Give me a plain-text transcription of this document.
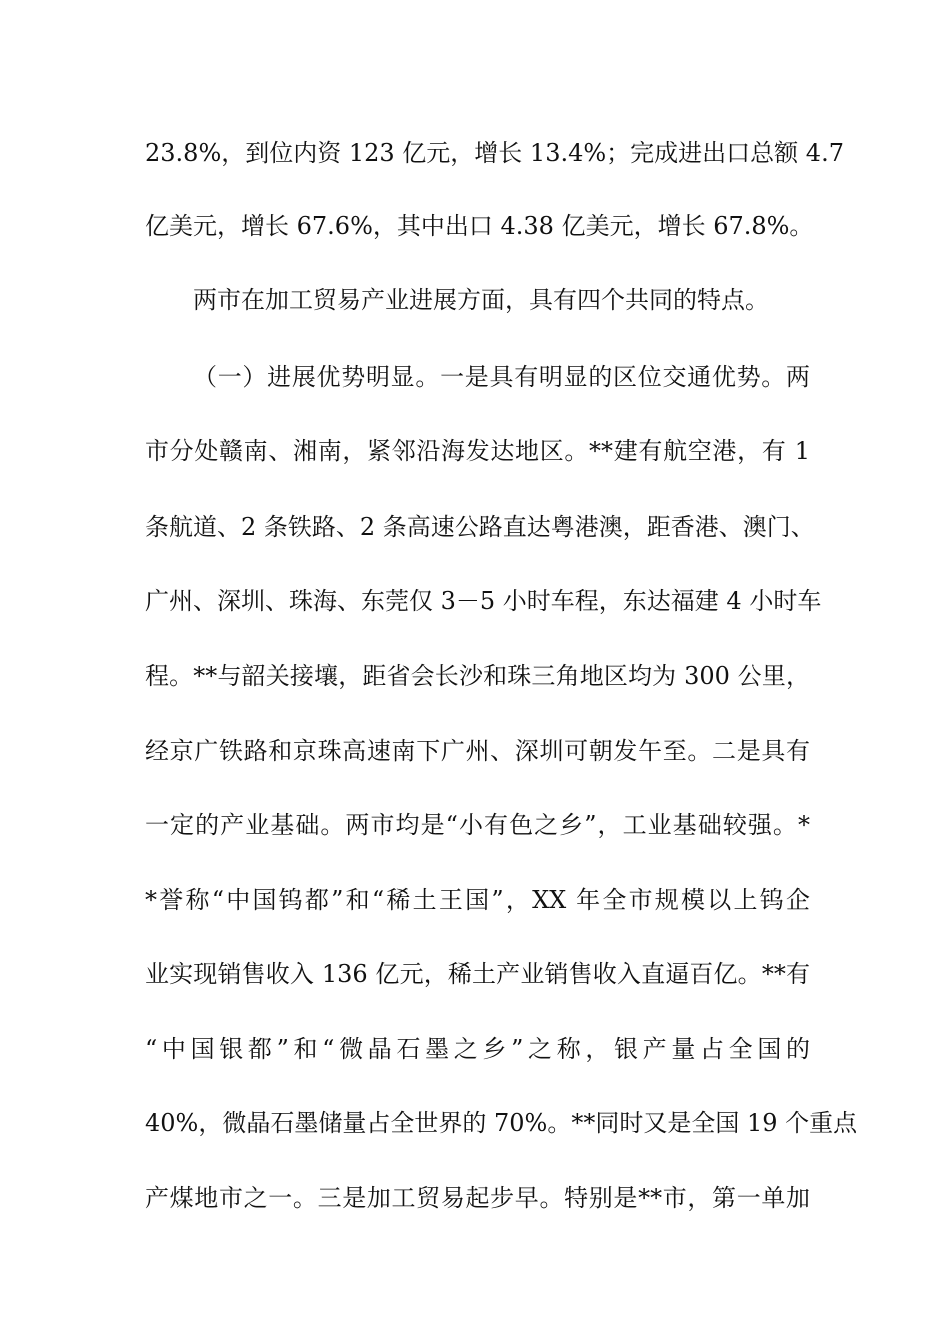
23.8%，到位内资 123 亿元，增长 13.4%；完成进出口总额 4.7
亿美元，增长 67.6%，其中出口 4.38 亿美元，增长 67.8%。
两市在加工贸易产业进展方面，具有四个共同的特点。
（一）进展优势明显。一是具有明显的区位交通优势。两
市分处赣南、湘南，紧邻沿海发达地区。**建有航空港，有 1
条航道、2 条铁路、2 条高速公路直达粤港澳，距香港、澳门、
广州、深圳、珠海、东莞仅 3－5 小时车程，东达福建 4 小时车
程。**与韶关接壤，距省会长沙和珠三角地区均为 300 公里，
经京广铁路和京珠高速南下广州、深圳可朝发午至。二是具有
一定的产业基础。两市均是“小有色之乡”，工业基础较强。*
*誉称“中国钨都”和“稀土王国”，XX 年全市规模以上钨企
业实现销售收入 136 亿元，稀土产业销售收入直逼百亿。**有
“中国银都”和“微晶石墨之乡”之称，银产量占全国的
40%，微晶石墨储量占全世界的 70%。**同时又是全国 19 个重点
产煤地市之一。三是加工贸易起步早。特别是**市，第一单加
